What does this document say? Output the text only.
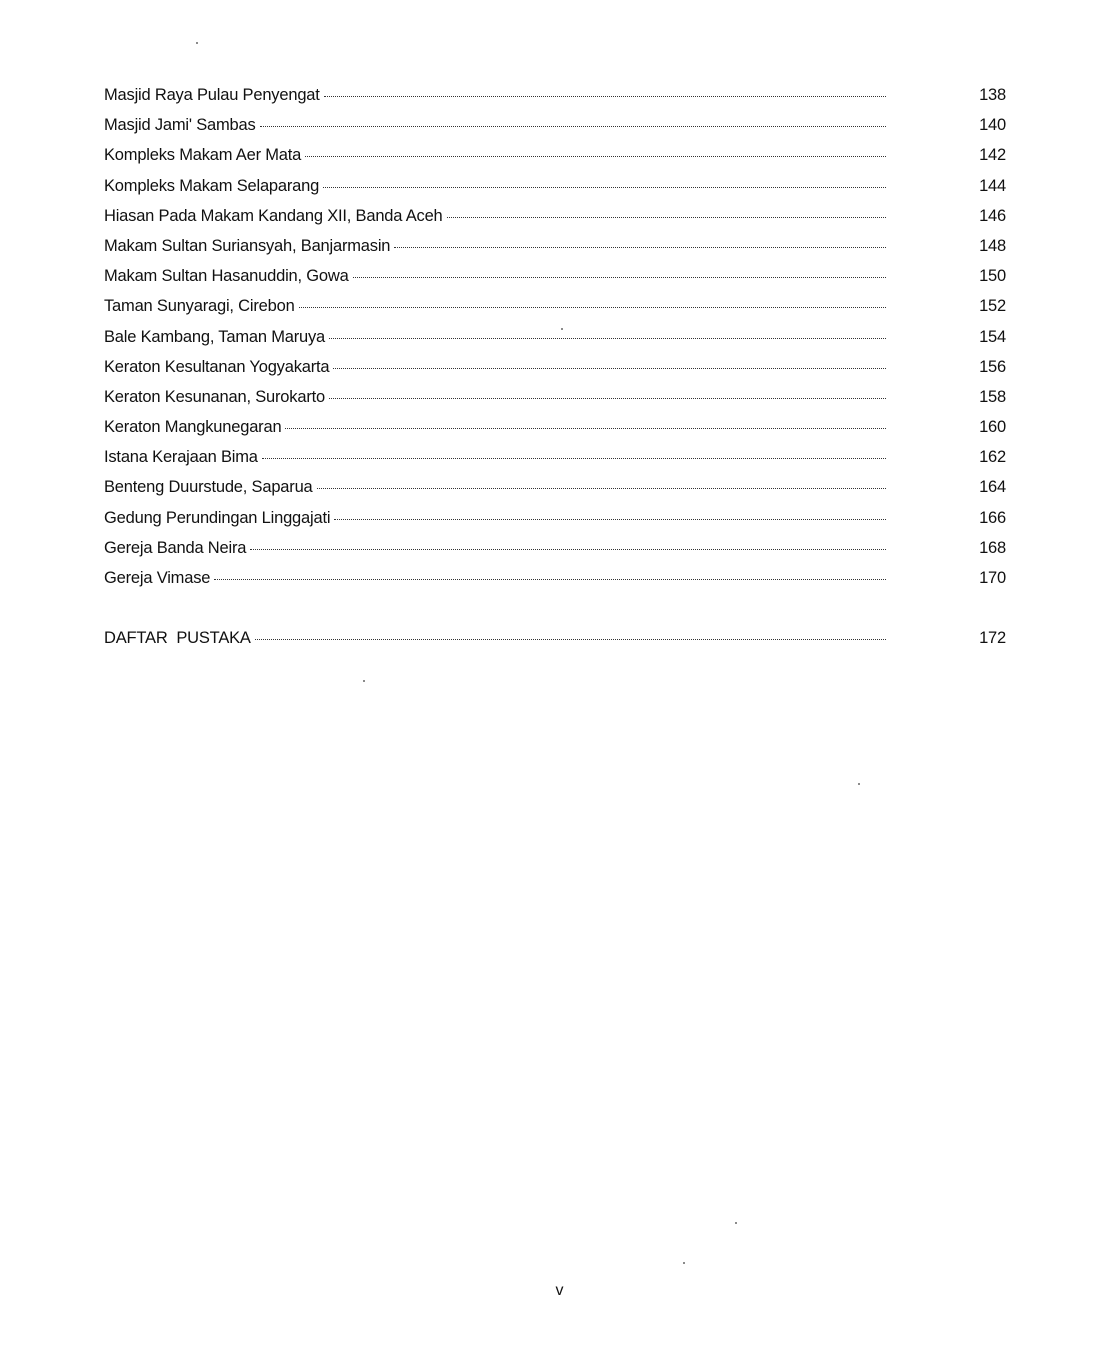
Masjid Raya Pulau Penyengat	138
Masjid Jami' Sambas	140
Kompleks Makam Aer Mata	142
Kompleks Makam Selaparang	144
Hiasan Pada Makam Kandang XII, Banda Aceh	146
Makam Sultan Suriansyah, Banjarmasin	148
Makam Sultan Hasanuddin, Gowa	150
Taman Sunyaragi, Cirebon	152
Bale Kambang, Taman Maruya	154
Keraton Kesultanan Yogyakarta	156
Keraton Kesunanan, Surokarto	158
Keraton Mangkunegaran	160
Istana Kerajaan Bima	162
Benteng Duurstude, Saparua	164
Gedung Perundingan Linggajati	166
Gereja Banda Neira	168
Gereja Vimase	170
DAFTAR  PUSTAKA	172
v
